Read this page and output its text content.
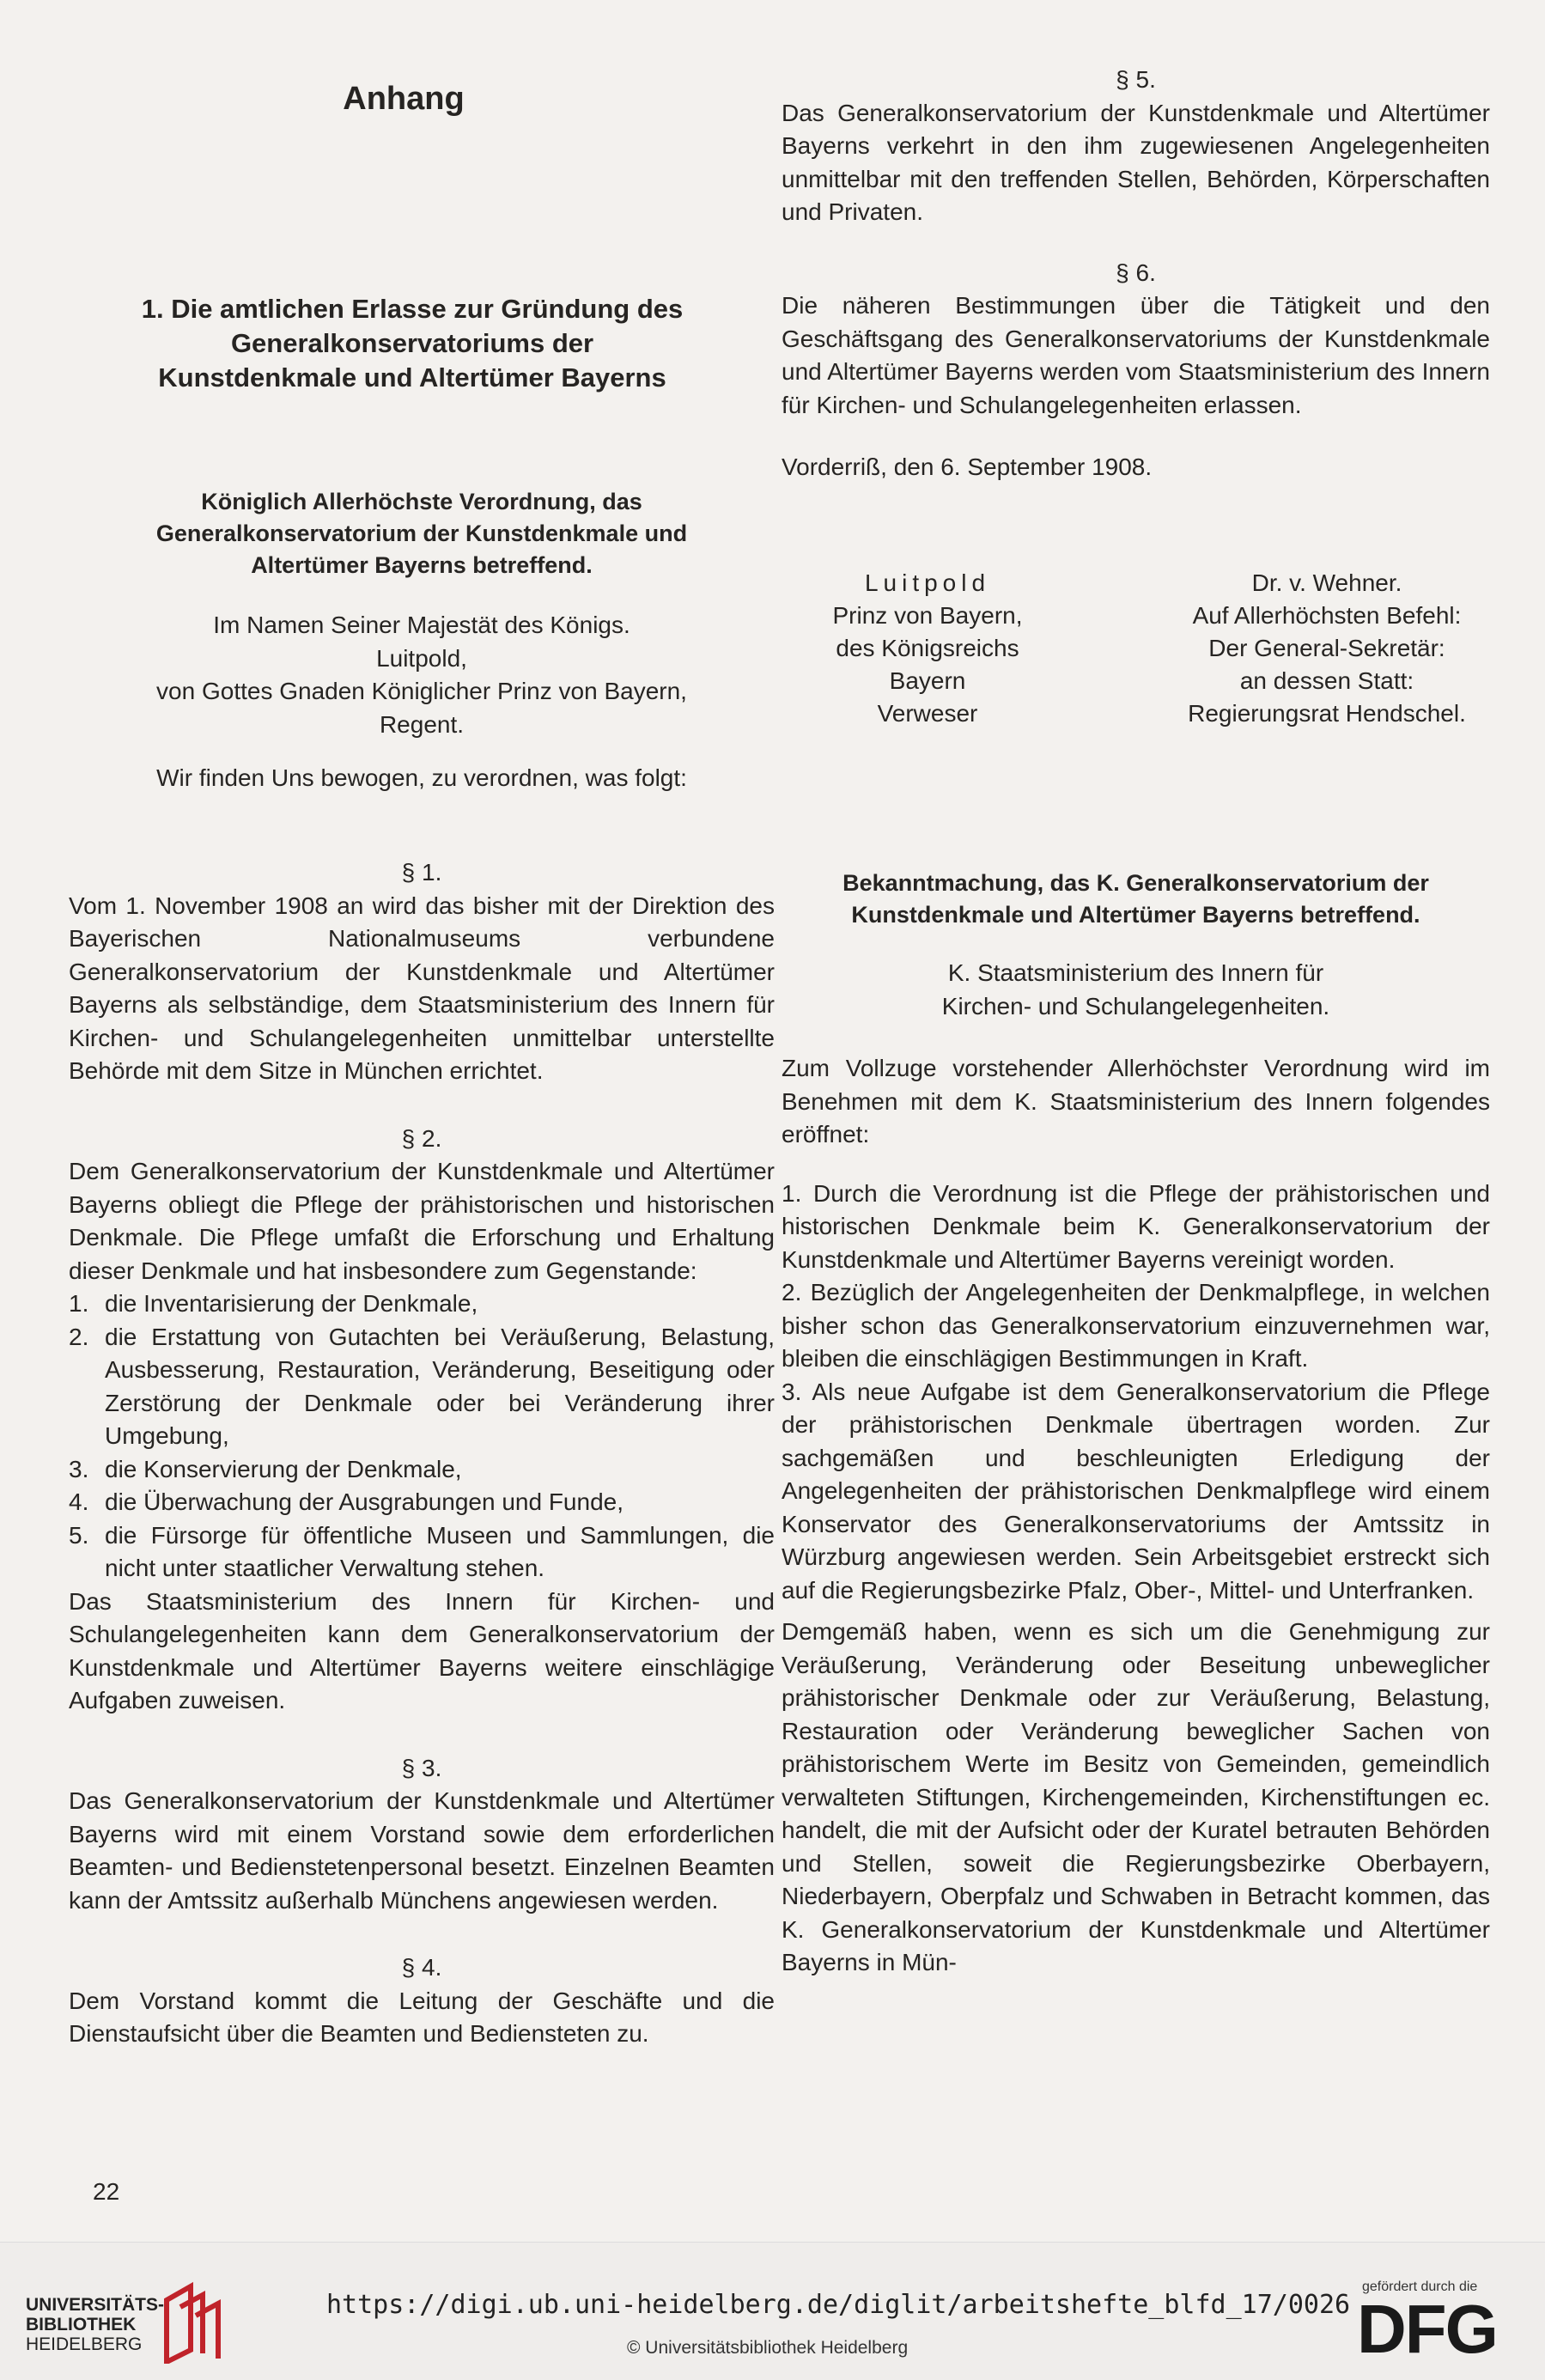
Anhang
1. Die amtlichen Erlasse zur Gründung des Generalkonservatoriums der Kunstdenkmale und Altertümer Bayerns
Königlich Allerhöchste Verordnung, das Generalkonservatorium der Kunstdenkmale und Altertümer Bayerns betreffend.
Im Namen Seiner Majestät des Königs.
Luitpold,
von Gottes Gnaden Königlicher Prinz von Bayern,
Regent.
Wir finden Uns bewogen, zu verordnen, was folgt:
§ 1.
Vom 1. November 1908 an wird das bisher mit der Direktion des Bayerischen Nationalmuseums verbundene Generalkonservatorium der Kunstdenkmale und Altertümer Bayerns als selbständige, dem Staatsministerium des Innern für Kirchen- und Schulangelegenheiten unmittelbar unterstellte Behörde mit dem Sitze in München errichtet.
§ 2.
Dem Generalkonservatorium der Kunstdenkmale und Altertümer Bayerns obliegt die Pflege der prähistorischen und historischen Denkmale. Die Pflege umfaßt die Erforschung und Erhaltung dieser Denkmale und hat insbesondere zum Gegenstande:
1. die Inventarisierung der Denkmale,
2. die Erstattung von Gutachten bei Veräußerung, Belastung, Ausbesserung, Restauration, Veränderung, Beseitigung oder Zerstörung der Denkmale oder bei Veränderung ihrer Umgebung,
3. die Konservierung der Denkmale,
4. die Überwachung der Ausgrabungen und Funde,
5. die Fürsorge für öffentliche Museen und Sammlungen, die nicht unter staatlicher Verwaltung stehen.
Das Staatsministerium des Innern für Kirchen- und Schulangelegenheiten kann dem Generalkonservatorium der Kunstdenkmale und Altertümer Bayerns weitere einschlägige Aufgaben zuweisen.
§ 3.
Das Generalkonservatorium der Kunstdenkmale und Altertümer Bayerns wird mit einem Vorstand sowie dem erforderlichen Beamten- und Bedienstetenpersonal besetzt. Einzelnen Beamten kann der Amtssitz außerhalb Münchens angewiesen werden.
§ 4.
Dem Vorstand kommt die Leitung der Geschäfte und die Dienstaufsicht über die Beamten und Bediensteten zu.
§ 5.
Das Generalkonservatorium der Kunstdenkmale und Altertümer Bayerns verkehrt in den ihm zugewiesenen Angelegenheiten unmittelbar mit den treffenden Stellen, Behörden, Körperschaften und Privaten.
§ 6.
Die näheren Bestimmungen über die Tätigkeit und den Geschäftsgang des Generalkonservatoriums der Kunstdenkmale und Altertümer Bayerns werden vom Staatsministerium des Innern für Kirchen- und Schulangelegenheiten erlassen.
Vorderriß, den 6. September 1908.
Luitpold
Prinz von Bayern,
des Königsreichs Bayern
Verweser
Dr. v. Wehner.
Auf Allerhöchsten Befehl:
Der General-Sekretär:
an dessen Statt:
Regierungsrat Hendschel.
Bekanntmachung, das K. Generalkonservatorium der Kunstdenkmale und Altertümer Bayerns betreffend.
K. Staatsministerium des Innern für
Kirchen- und Schulangelegenheiten.
Zum Vollzuge vorstehender Allerhöchster Verordnung wird im Benehmen mit dem K. Staatsministerium des Innern folgendes eröffnet:
1. Durch die Verordnung ist die Pflege der prähistorischen und historischen Denkmale beim K. Generalkonservatorium der Kunstdenkmale und Altertümer Bayerns vereinigt worden.
2. Bezüglich der Angelegenheiten der Denkmalpflege, in welchen bisher schon das Generalkonservatorium einzuvernehmen war, bleiben die einschlägigen Bestimmungen in Kraft.
3. Als neue Aufgabe ist dem Generalkonservatorium die Pflege der prähistorischen Denkmale übertragen worden. Zur sachgemäßen und beschleunigten Erledigung der Angelegenheiten der prähistorischen Denkmalpflege wird einem Konservator des Generalkonservatoriums der Amtssitz in Würzburg angewiesen werden. Sein Arbeitsgebiet erstreckt sich auf die Regierungsbezirke Pfalz, Ober-, Mittel- und Unterfranken.
Demgemäß haben, wenn es sich um die Genehmigung zur Veräußerung, Veränderung oder Beseitung unbeweglicher prähistorischer Denkmale oder zur Veräußerung, Belastung, Restauration oder Veränderung beweglicher Sachen von prähistorischem Werte im Besitz von Gemeinden, gemeindlich verwalteten Stiftungen, Kirchengemeinden, Kirchenstiftungen ec. handelt, die mit der Aufsicht oder der Kuratel betrauten Behörden und Stellen, soweit die Regierungsbezirke Oberbayern, Niederbayern, Oberpfalz und Schwaben in Betracht kommen, das K. Generalkonservatorium der Kunstdenkmale und Altertümer Bayerns in Mün-
22
UNIVERSITÄTS-
BIBLIOTHEK
HEIDELBERG
https://digi.ub.uni-heidelberg.de/diglit/arbeitshefte_blfd_17/0026
© Universitätsbibliothek Heidelberg
gefördert durch die
DFG
